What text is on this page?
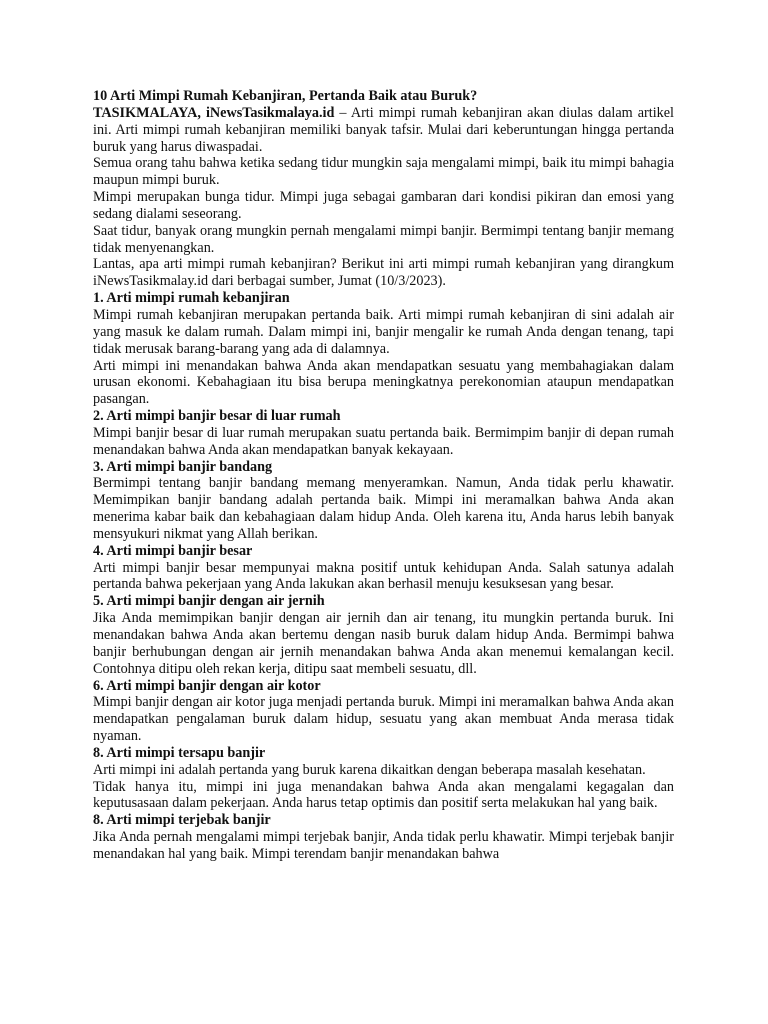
10 Arti Mimpi Rumah Kebanjiran, Pertanda Baik atau Buruk?

TASIKMALAYA, iNewsTasikmalaya.id – Arti mimpi rumah kebanjiran akan diulas dalam artikel ini. Arti mimpi rumah kebanjiran memiliki banyak tafsir. Mulai dari keberuntungan hingga pertanda buruk yang harus diwaspadai.

Semua orang tahu bahwa ketika sedang tidur mungkin saja mengalami mimpi, baik itu mimpi bahagia maupun mimpi buruk.

Mimpi merupakan bunga tidur. Mimpi juga sebagai gambaran dari kondisi pikiran dan emosi yang sedang dialami seseorang.

Saat tidur, banyak orang mungkin pernah mengalami mimpi banjir. Bermimpi tentang banjir memang tidak menyenangkan.

Lantas, apa arti mimpi rumah kebanjiran? Berikut ini arti mimpi rumah kebanjiran yang dirangkum iNewsTasikmalay.id dari berbagai sumber, Jumat (10/3/2023).

1. Arti mimpi rumah kebanjiran

Mimpi rumah kebanjiran merupakan pertanda baik. Arti mimpi rumah kebanjiran di sini adalah air yang masuk ke dalam rumah. Dalam mimpi ini, banjir mengalir ke rumah Anda dengan tenang, tapi tidak merusak barang-barang yang ada di dalamnya.

Arti mimpi ini menandakan bahwa Anda akan mendapatkan sesuatu yang membahagiakan dalam urusan ekonomi. Kebahagiaan itu bisa berupa meningkatnya perekonomian ataupun mendapatkan pasangan.

2. Arti mimpi banjir besar di luar rumah

Mimpi banjir besar di luar rumah merupakan suatu pertanda baik. Bermimpim banjir di depan rumah menandakan bahwa Anda akan mendapatkan banyak kekayaan.

3. Arti mimpi banjir bandang

Bermimpi tentang banjir bandang memang menyeramkan. Namun, Anda tidak perlu khawatir. Memimpikan banjir bandang adalah pertanda baik. Mimpi ini meramalkan bahwa Anda akan menerima kabar baik dan kebahagiaan dalam hidup Anda. Oleh karena itu, Anda harus lebih banyak mensyukuri nikmat yang Allah berikan.

4. Arti mimpi banjir besar

Arti mimpi banjir besar mempunyai makna positif untuk kehidupan Anda. Salah satunya adalah pertanda bahwa pekerjaan yang Anda lakukan akan berhasil menuju kesuksesan yang besar.

5. Arti mimpi banjir dengan air jernih

Jika Anda memimpikan banjir dengan air jernih dan air tenang, itu mungkin pertanda buruk. Ini menandakan bahwa Anda akan bertemu dengan nasib buruk dalam hidup Anda. Bermimpi bahwa banjir berhubungan dengan air jernih menandakan bahwa Anda akan menemui kemalangan kecil. Contohnya ditipu oleh rekan kerja, ditipu saat membeli sesuatu, dll.

6. Arti mimpi banjir dengan air kotor

Mimpi banjir dengan air kotor juga menjadi pertanda buruk. Mimpi ini meramalkan bahwa Anda akan mendapatkan pengalaman buruk dalam hidup, sesuatu yang akan membuat Anda merasa tidak nyaman.

8. Arti mimpi tersapu banjir

Arti mimpi ini adalah pertanda yang buruk karena dikaitkan dengan beberapa masalah kesehatan.

Tidak hanya itu, mimpi ini juga menandakan bahwa Anda akan mengalami kegagalan dan keputusasaan dalam pekerjaan. Anda harus tetap optimis dan positif serta melakukan hal yang baik.

8. Arti mimpi terjebak banjir

Jika Anda pernah mengalami mimpi terjebak banjir, Anda tidak perlu khawatir. Mimpi terjebak banjir menandakan hal yang baik. Mimpi terendam banjir menandakan bahwa
